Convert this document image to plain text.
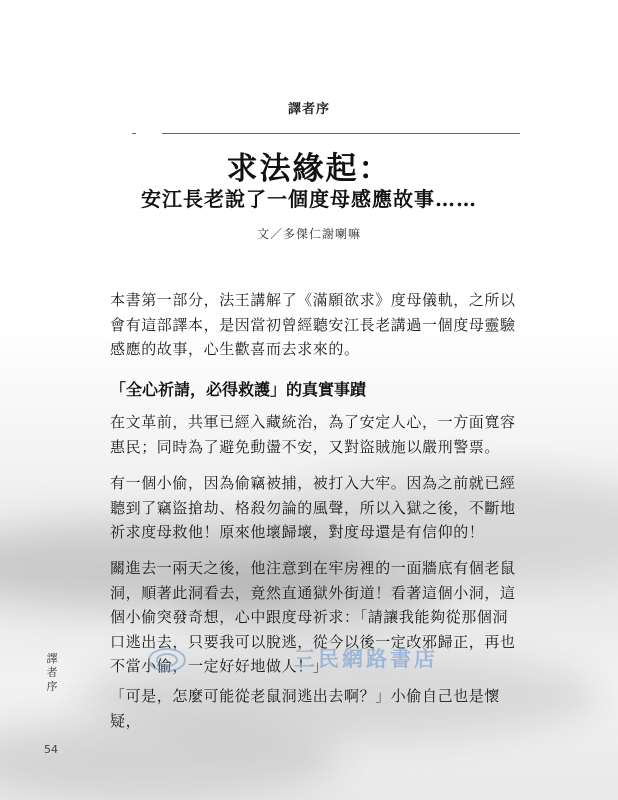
譯者序
求法緣起：
安江長老說了一個度母感應故事……
文／多傑仁謝喇嘛
本書第一部分，法王講解了《滿願欲求》度母儀軌，之所以會有這部譯本，是因當初曾經聽安江長老講過一個度母靈驗感應的故事，心生歡喜而去求來的。
「全心祈請，必得救護」的真實事蹟
在文革前，共軍已經入藏統治，為了安定人心，一方面寬容惠民；同時為了避免動盪不安，又對盜賊施以嚴刑警票。
有一個小偷，因為偷竊被捕，被打入大牢。因為之前就已經聽到了竊盜搶劫、格殺勿論的風聲，所以入獄之後，不斷地祈求度母救他！原來他壞歸壞，對度母還是有信仰的！
關進去一兩天之後，他注意到在牢房裡的一面牆底有個老鼠洞，順著此洞看去，竟然直通獄外街道！看著這個小洞，這個小偷突發奇想，心中跟度母祈求：「請讓我能夠從那個洞口逃出去，只要我可以脫逃，從今以後一定改邪歸正，再也不當小偷，一定好好地做人！」
「可是，怎麼可能從老鼠洞逃出去啊？」小偷自己也是懷疑，
譯者序
54
三民網路書店
